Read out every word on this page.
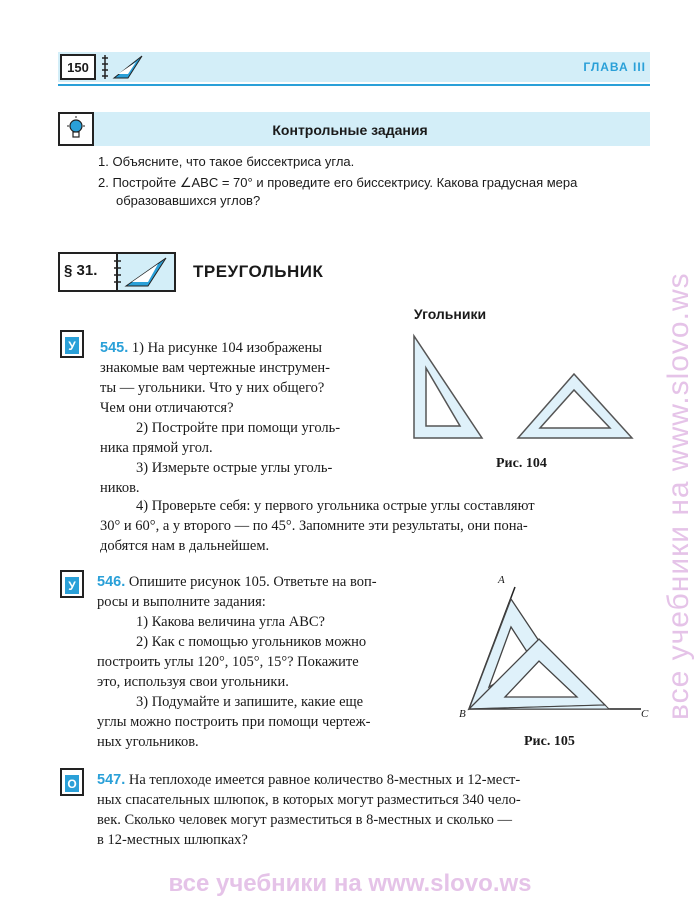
150	ГЛАВА III
Контрольные задания
1. Объясните, что такое биссектриса угла.
2. Постройте ∠ABC = 70° и проведите его биссектрису. Какова градусная мера
образовавшихся углов?
§ 31.	ТРЕУГОЛЬНИК
Угольники
У 545. 1) На рисунке 104 изображены
знакомые вам чертежные инструмен-
ты — угольники. Что у них общего?
Чем они отличаются?
2) Постройте при помощи уголь-
ника прямой угол.
3) Измерьте острые углы уголь-
ников.
4) Проверьте себя: у первого угольника острые углы составляют
30° и 60°, а у второго — по 45°. Запомните эти результаты, они пона-
добятся нам в дальнейшем.
Рис. 104
У 546. Опишите рисунок 105. Ответьте на воп-
росы и выполните задания:
1) Какова величина угла ABC?
2) Как с помощью угольников можно
построить углы 120°, 105°, 15°? Покажите
это, используя свои угольники.
3) Подумайте и запишите, какие еще
углы можно построить при помощи чертеж-
ных угольников.
A
B	C
Рис. 105
О 547. На теплоходе имеется равное количество 8-местных и 12-мест-
ных спасательных шлюпок, в которых могут разместиться 340 чело-
век. Сколько человек могут разместиться в 8-местных и сколько —
в 12-местных шлюпках?
все учебники на www.slovo.ws
все учебники на www.slovo.ws
